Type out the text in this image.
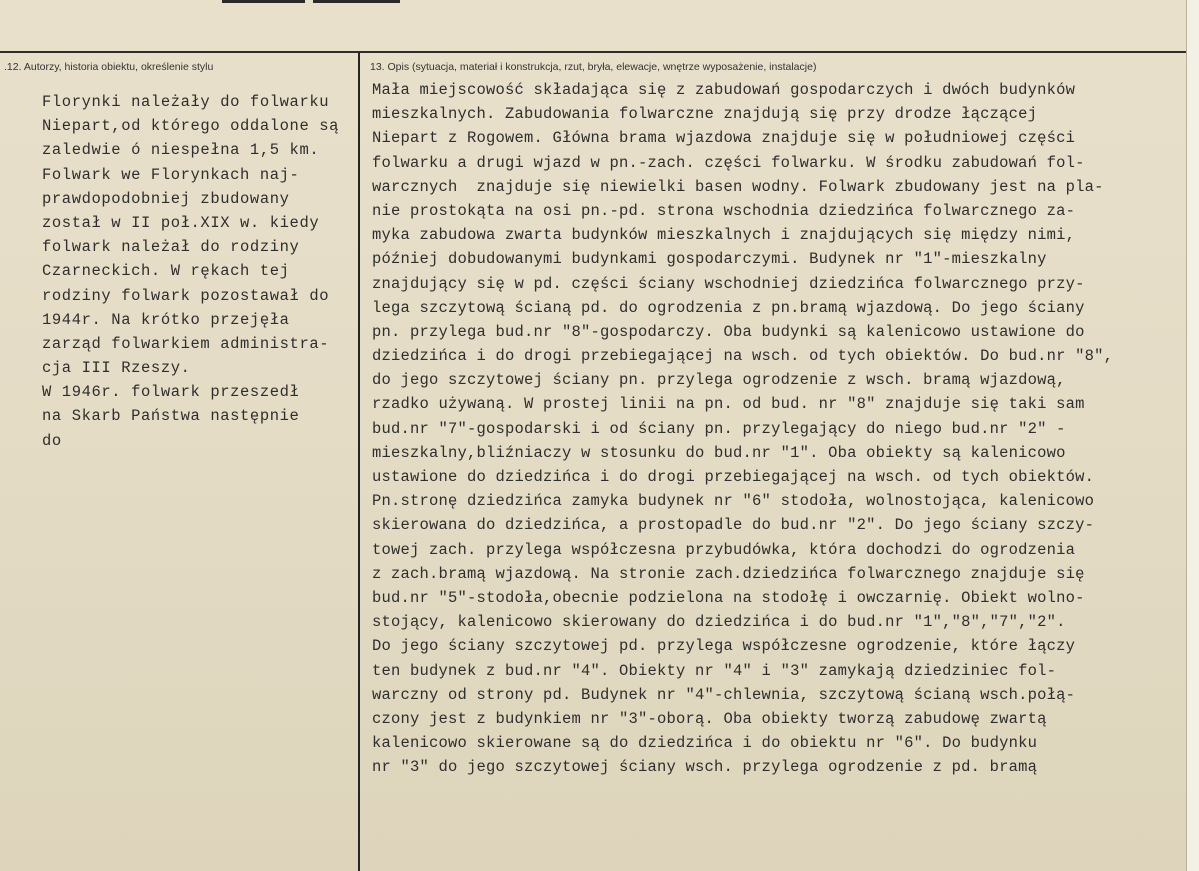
.12. Autorzy, historia obiektu, określenie stylu	13. Opis (sytuacja, materiał i konstrukcja, rzut, bryła, elewacje, wnętrze wyposażenie, instalacje)
Florynki należały do folwarku
Niepart,od którego oddalone są
zaledwie ó niespełna 1,5 km.
Folwark we Florynkach naj-
prawdopodobniej zbudowany
został w II poł.XIX w. kiedy
folwark należał do rodziny
Czarneckich. W rękach tej
rodziny folwark pozostawał do
1944r. Na krótko przejęła
zarząd folwarkiem administra-
cja III Rzeszy.
W 1946r. folwark przeszedł
na Skarb Państwa następnie
do
Mała miejscowość składająca się z zabudowań gospodarczych i dwóch budynków
mieszkalnych. Zabudowania folwarczne znajdują się przy drodze łączącej
Niepart z Rogowem. Główna brama wjazdowa znajduje się w południowej części
folwarku a drugi wjazd w pn.-zach. części folwarku. W środku zabudowań fol-
warcznych  znajduje się niewielki basen wodny. Folwark zbudowany jest na pla-
nie prostokąta na osi pn.-pd. strona wschodnia dziedzińca folwarcznego za-
myka zabudowa zwarta budynków mieszkalnych i znajdujących się między nimi,
później dobudowanymi budynkami gospodarczymi. Budynek nr "1"-mieszkalny
znajdujący się w pd. części ściany wschodniej dziedzińca folwarcznego przy-
lega szczytową ścianą pd. do ogrodzenia z pn.bramą wjazdową. Do jego ściany
pn. przylega bud.nr "8"-gospodarczy. Oba budynki są kalenicowo ustawione do
dziedzińca i do drogi przebiegającej na wsch. od tych obiektów. Do bud.nr "8",
do jego szczytowej ściany pn. przylega ogrodzenie z wsch. bramą wjazdową,
rzadko używaną. W prostej linii na pn. od bud. nr "8" znajduje się taki sam
bud.nr "7"-gospodarski i od ściany pn. przylegający do niego bud.nr "2" -
mieszkalny,bliźniaczy w stosunku do bud.nr "1". Oba obiekty są kalenicowo
ustawione do dziedzińca i do drogi przebiegającej na wsch. od tych obiektów.
Pn.stronę dziedzińca zamyka budynek nr "6" stodoła, wolnostojąca, kalenicowo
skierowana do dziedzińca, a prostopadle do bud.nr "2". Do jego ściany szczy-
towej zach. przylega współczesna przybudówka, która dochodzi do ogrodzenia
z zach.bramą wjazdową. Na stronie zach.dziedzińca folwarcznego znajduje się
bud.nr "5"-stodoła,obecnie podzielona na stodołę i owczarnię. Obiekt wolno-
stojący, kalenicowo skierowany do dziedzińca i do bud.nr "1","8","7","2".
Do jego ściany szczytowej pd. przylega współczesne ogrodzenie, które łączy
ten budynek z bud.nr "4". Obiekty nr "4" i "3" zamykają dziedziniec fol-
warczny od strony pd. Budynek nr "4"-chlewnia, szczytową ścianą wsch.połą-
czony jest z budynkiem nr "3"-oborą. Oba obiekty tworzą zabudowę zwartą
kalenicowo skierowane są do dziedzińca i do obiektu nr "6". Do budynku
nr "3" do jego szczytowej ściany wsch. przylega ogrodzenie z pd. bramą
